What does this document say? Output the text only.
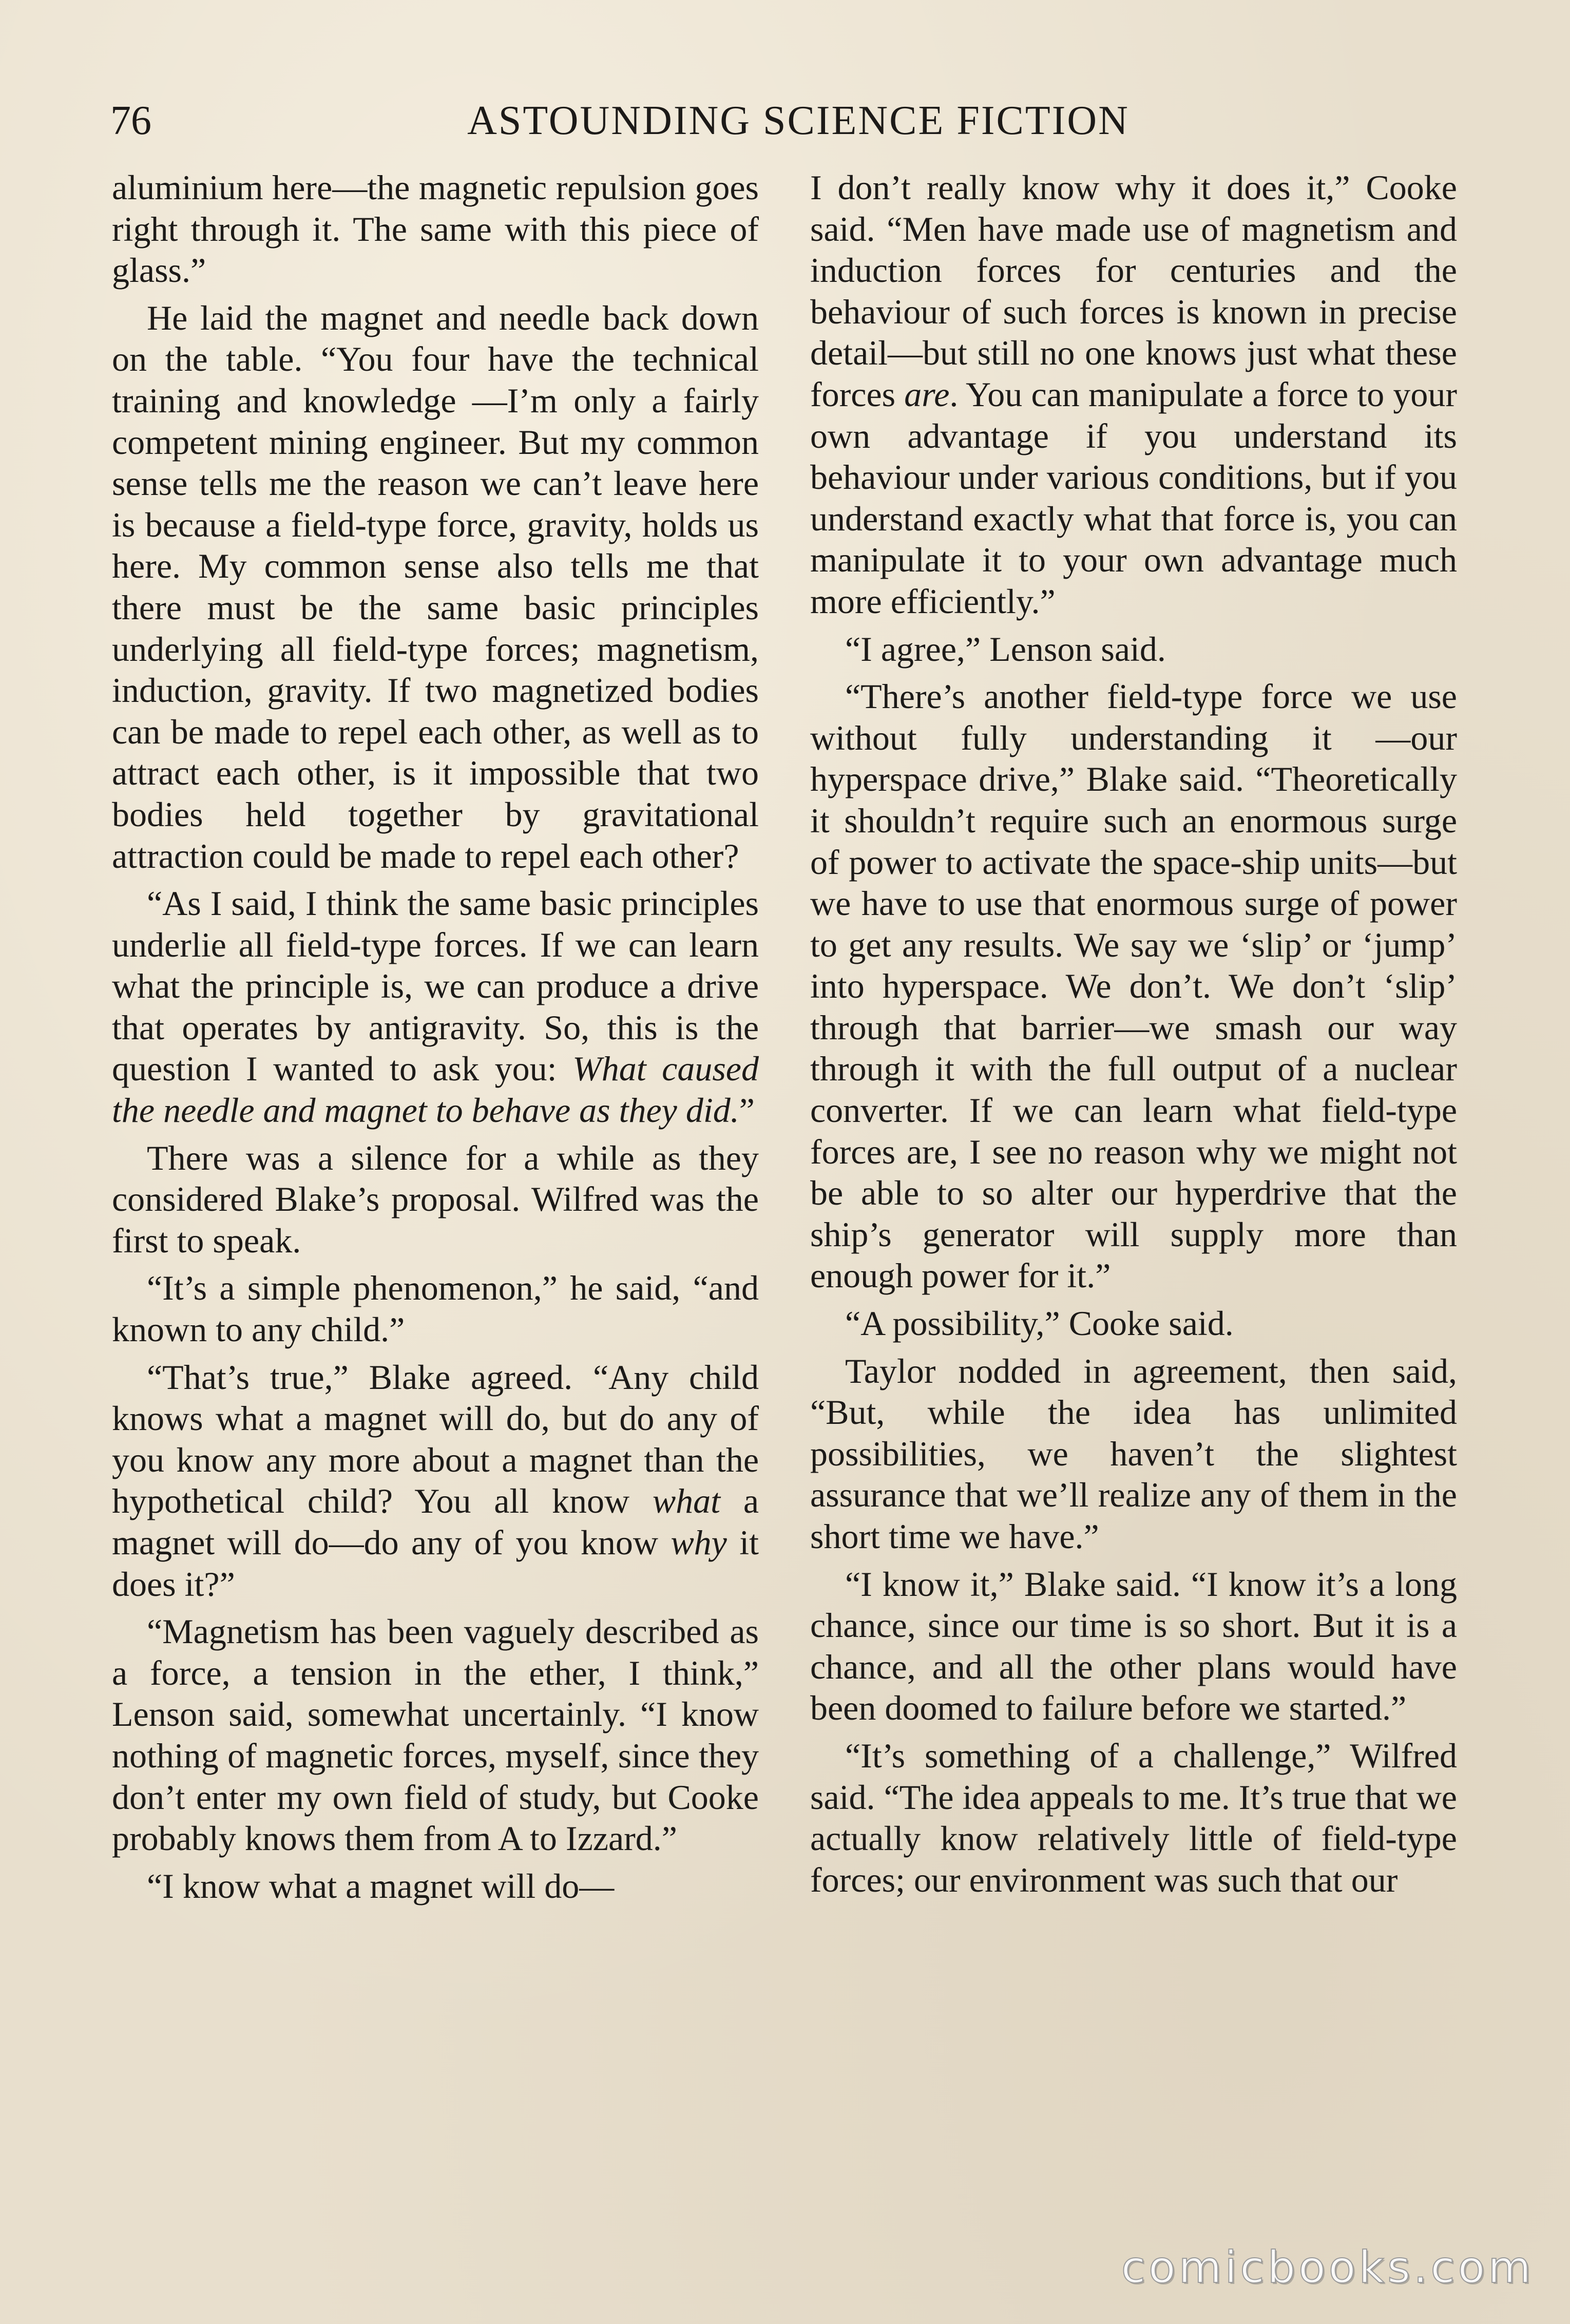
76	ASTOUNDING SCIENCE FICTION

aluminium here—the magnetic repulsion goes right through it. The same with this piece of glass.”

He laid the magnet and needle back down on the table. “You four have the technical training and knowledge —I’m only a fairly competent mining engineer. But my common sense tells me the reason we can’t leave here is because a field-type force, gravity, holds us here. My common sense also tells me that there must be the same basic principles underlying all field-type forces; magnetism, induction, gravity. If two magnetized bodies can be made to repel each other, as well as to attract each other, is it impossible that two bodies held together by gravitational attraction could be made to repel each other?

“As I said, I think the same basic principles underlie all field-type forces. If we can learn what the principle is, we can produce a drive that operates by antigravity. So, this is the question I wanted to ask you: What caused the needle and magnet to behave as they did.”

There was a silence for a while as they considered Blake’s proposal. Wilfred was the first to speak.

“It’s a simple phenomenon,” he said, “and known to any child.”

“That’s true,” Blake agreed. “Any child knows what a magnet will do, but do any of you know any more about a magnet than the hypothetical child? You all know what a magnet will do—do any of you know why it does it?”

“Magnetism has been vaguely described as a force, a tension in the ether, I think,” Lenson said, somewhat uncertainly. “I know nothing of magnetic forces, myself, since they don’t enter my own field of study, but Cooke probably knows them from A to Izzard.”

“I know what a magnet will do—

I don’t really know why it does it,” Cooke said. “Men have made use of magnetism and induction forces for centuries and the behaviour of such forces is known in precise detail—but still no one knows just what these forces are. You can manipulate a force to your own advantage if you understand its behaviour under various conditions, but if you understand exactly what that force is, you can manipulate it to your own advantage much more efficiently.”

“I agree,” Lenson said.

“There’s another field-type force we use without fully understanding it —our hyperspace drive,” Blake said. “Theoretically it shouldn’t require such an enormous surge of power to activate the space-ship units—but we have to use that enormous surge of power to get any results. We say we ‘slip’ or ‘jump’ into hyperspace. We don’t. We don’t ‘slip’ through that barrier—we smash our way through it with the full output of a nuclear converter. If we can learn what field-type forces are, I see no reason why we might not be able to so alter our hyperdrive that the ship’s generator will supply more than enough power for it.”

“A possibility,” Cooke said.

Taylor nodded in agreement, then said, “But, while the idea has unlimited possibilities, we haven’t the slightest assurance that we’ll realize any of them in the short time we have.”

“I know it,” Blake said. “I know it’s a long chance, since our time is so short. But it is a chance, and all the other plans would have been doomed to failure before we started.”

“It’s something of a challenge,” Wilfred said. “The idea appeals to me. It’s true that we actually know relatively little of field-type forces; our environment was such that our

comicbooks.com
